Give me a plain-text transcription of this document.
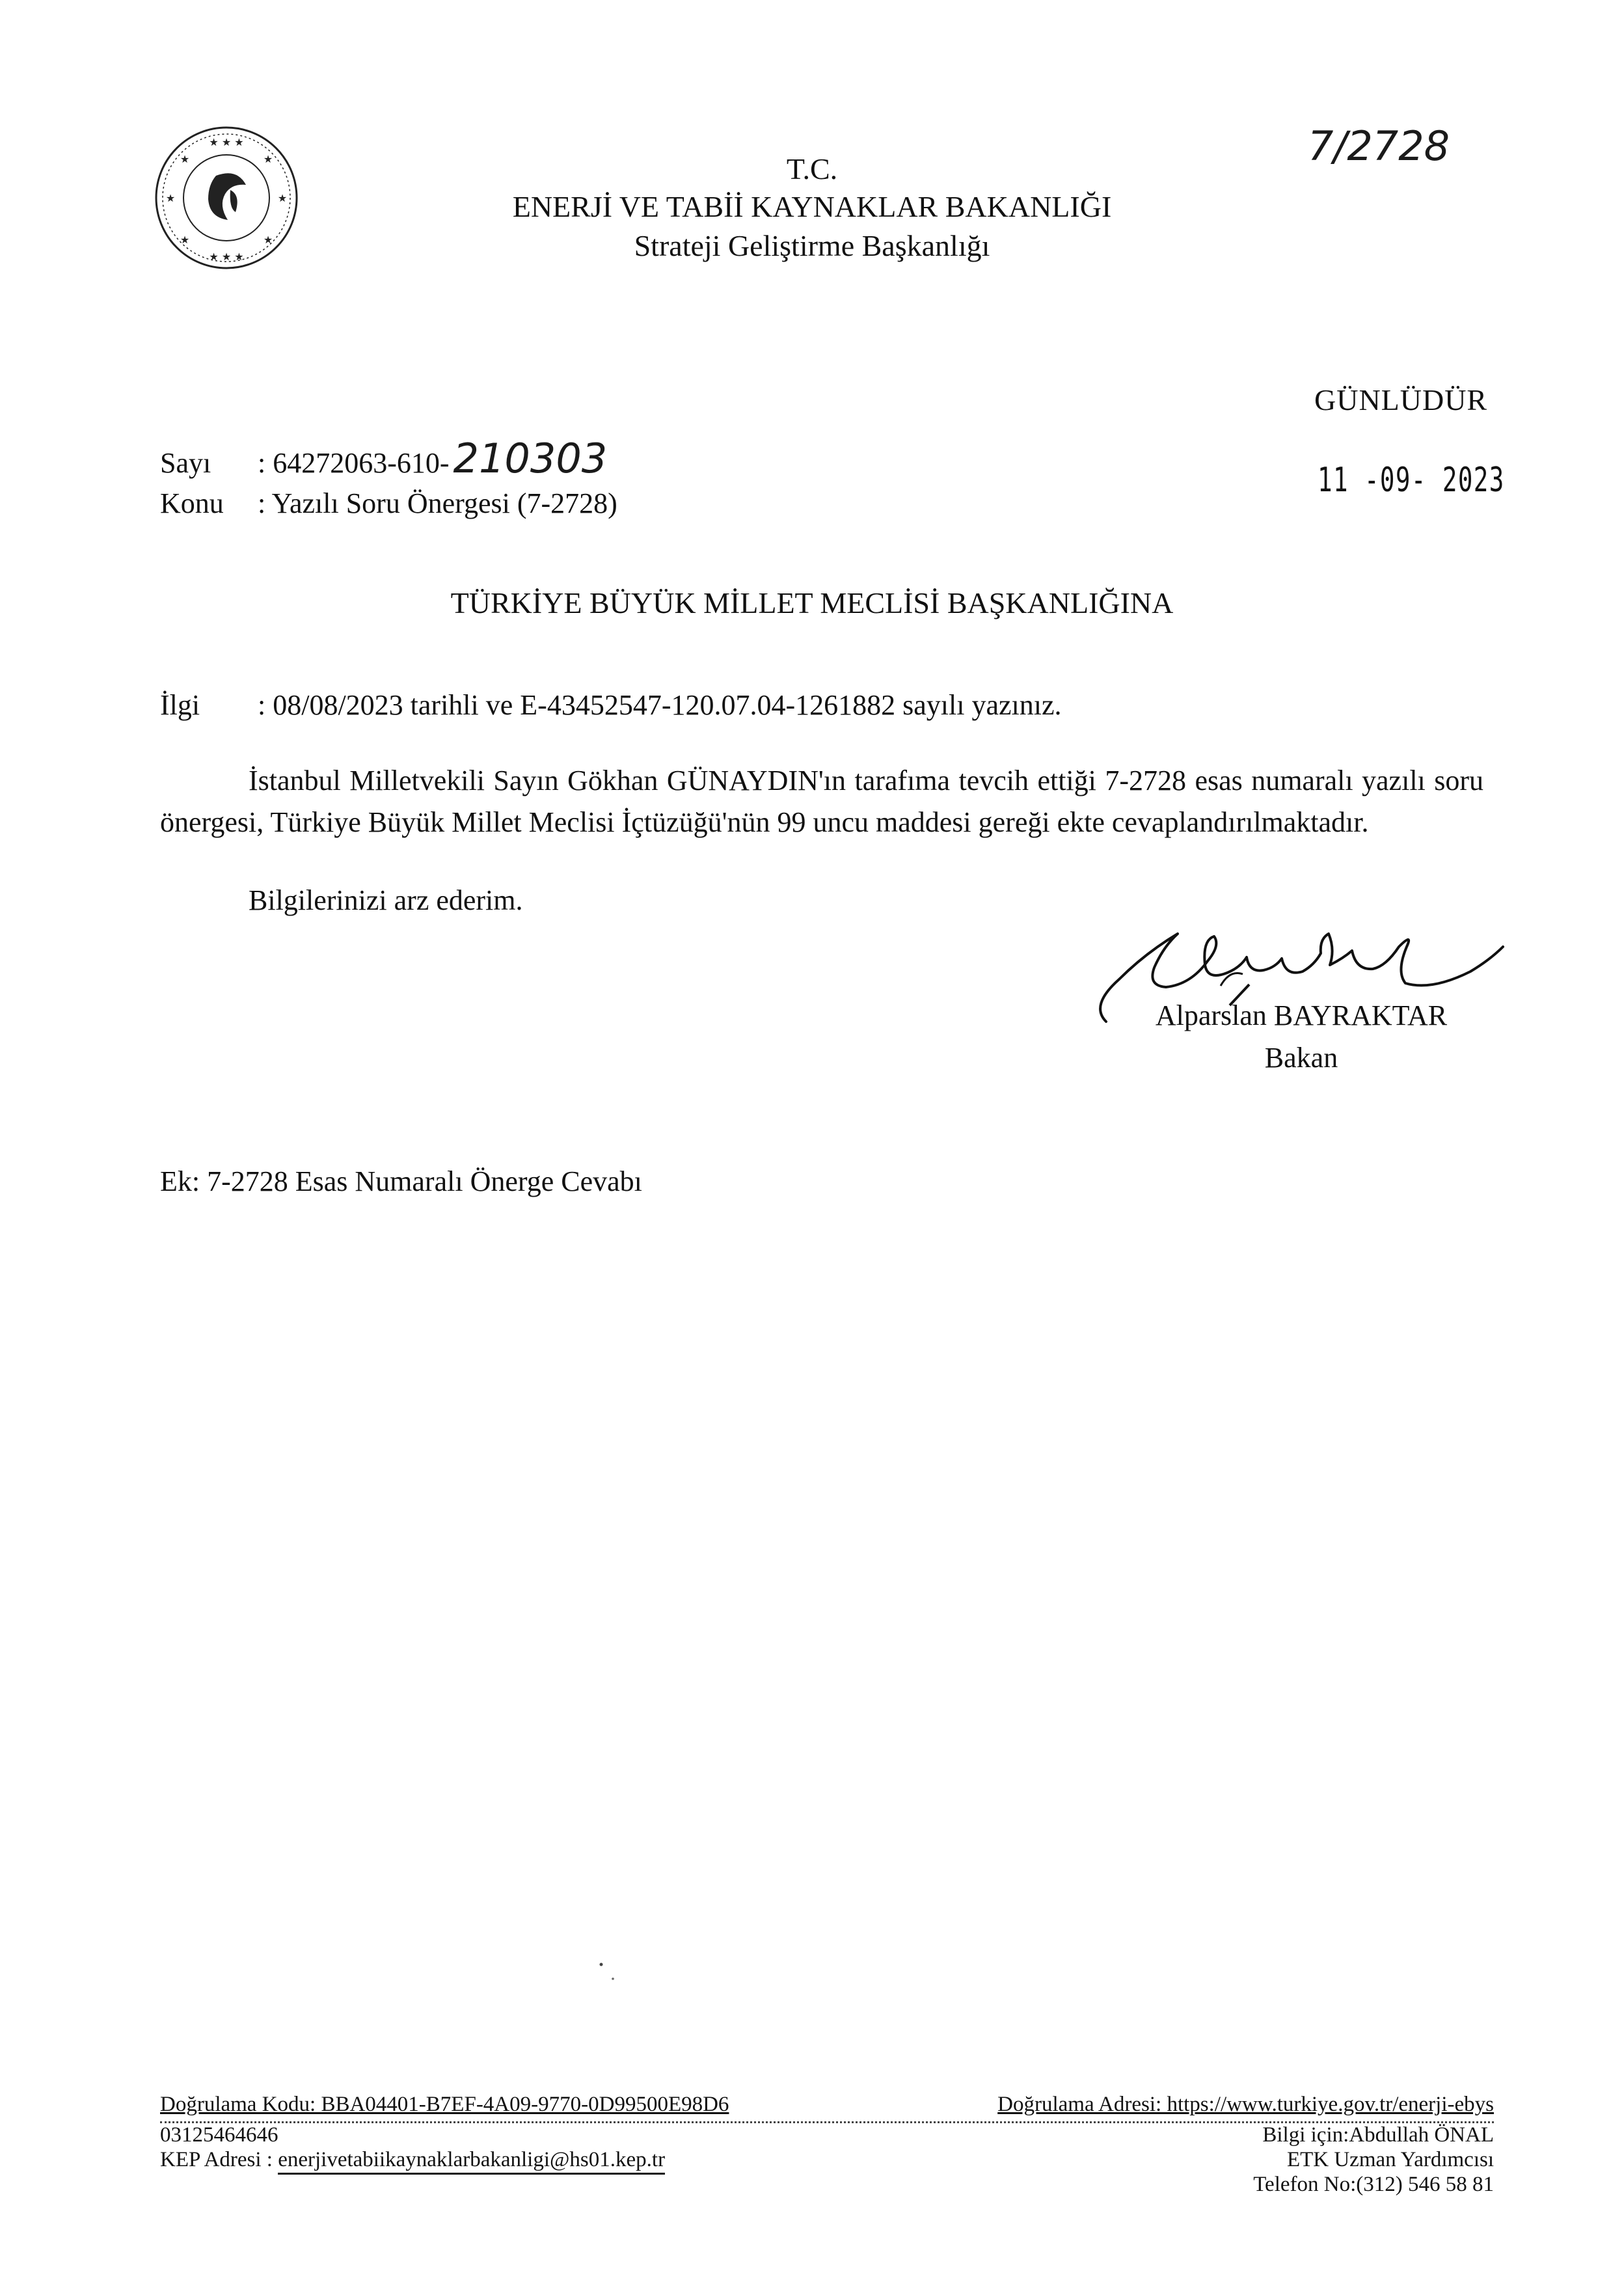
★ ★ ★
★ ★ ★
★	★
★	★
★	★
T.C.
ENERJİ VE TABİİ KAYNAKLAR BAKANLIĞI
Strateji Geliştirme Başkanlığı
7/2728
GÜNLÜDÜR
11 -09- 2023
Sayı : 64272063-610-210303
Konu : Yazılı Soru Önergesi (7-2728)
TÜRKİYE BÜYÜK MİLLET MECLİSİ BAŞKANLIĞINA
İlgi : 08/08/2023 tarihli ve E-43452547-120.07.04-1261882 sayılı yazınız.

İstanbul Milletvekili Sayın Gökhan GÜNAYDIN'ın tarafıma tevcih ettiği 7-2728 esas numaralı yazılı soru önergesi, Türkiye Büyük Millet Meclisi İçtüzüğü'nün 99 uncu maddesi gereği ekte cevaplandırılmaktadır.

Bilgilerinizi arz ederim.
Alparslan BAYRAKTAR
Bakan
Ek: 7-2728 Esas Numaralı Önerge Cevabı
Doğrulama Kodu: BBA04401-B7EF-4A09-9770-0D99500E98D6	Doğrulama Adresi: https://www.turkiye.gov.tr/enerji-ebys
03125464646
KEP Adresi : enerjivetabiikaynaklarbakanligi@hs01.kep.tr
Bilgi için:Abdullah ÖNAL
ETK Uzman Yardımcısı
Telefon No:(312) 546 58 81
